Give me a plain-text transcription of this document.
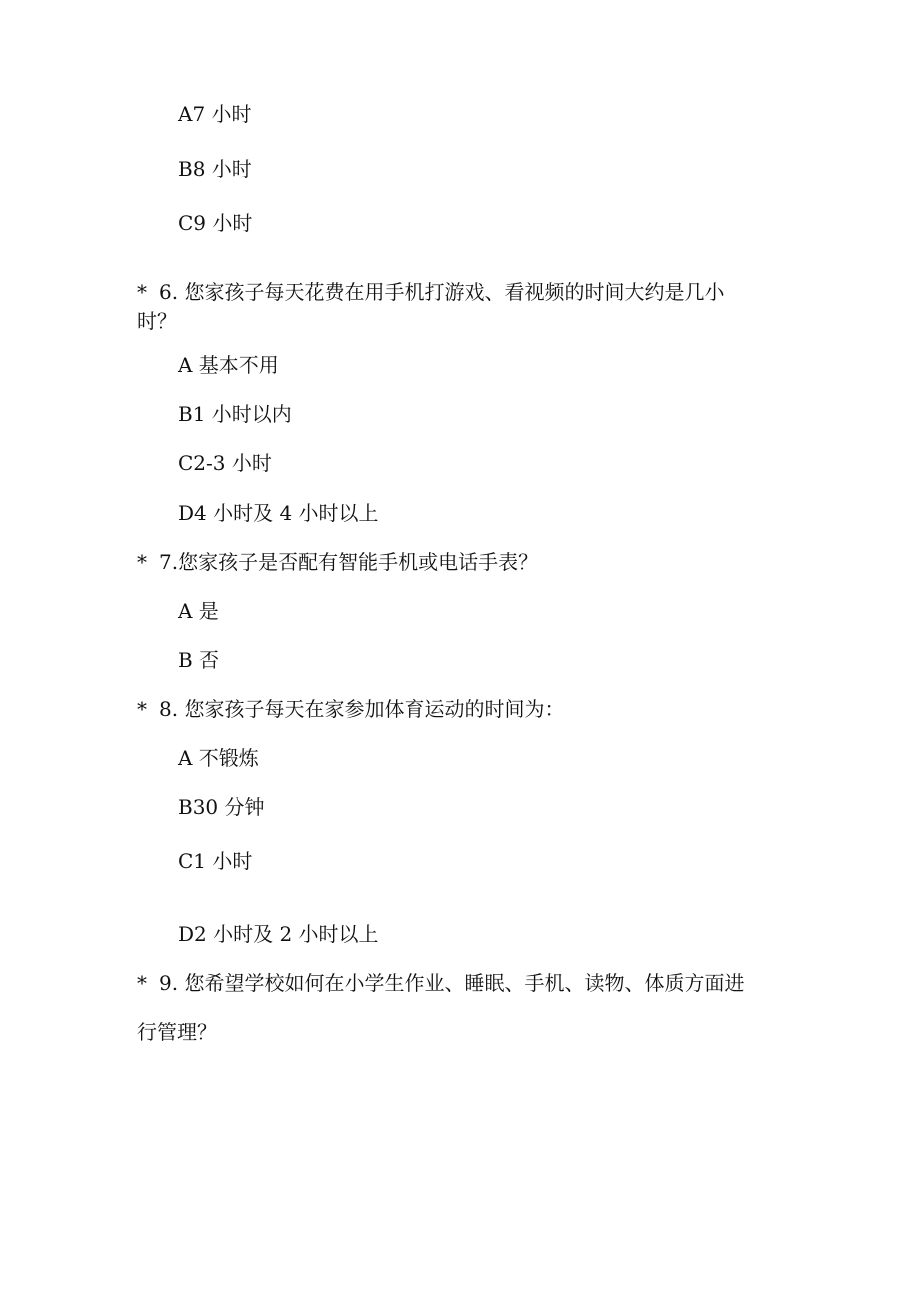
A7 小时
B8 小时
C9 小时
* 6. 您家孩子每天花费在用手机打游戏、看视频的时间大约是几小
时？
A 基本不用
B1 小时以内
C2-3 小时
D4 小时及 4 小时以上
* 7.您家孩子是否配有智能手机或电话手表？
A 是
B 否
* 8. 您家孩子每天在家参加体育运动的时间为：
A 不锻炼
B30 分钟
C1 小时
D2 小时及 2 小时以上
* 9. 您希望学校如何在小学生作业、睡眠、手机、读物、体质方面进
行管理？
